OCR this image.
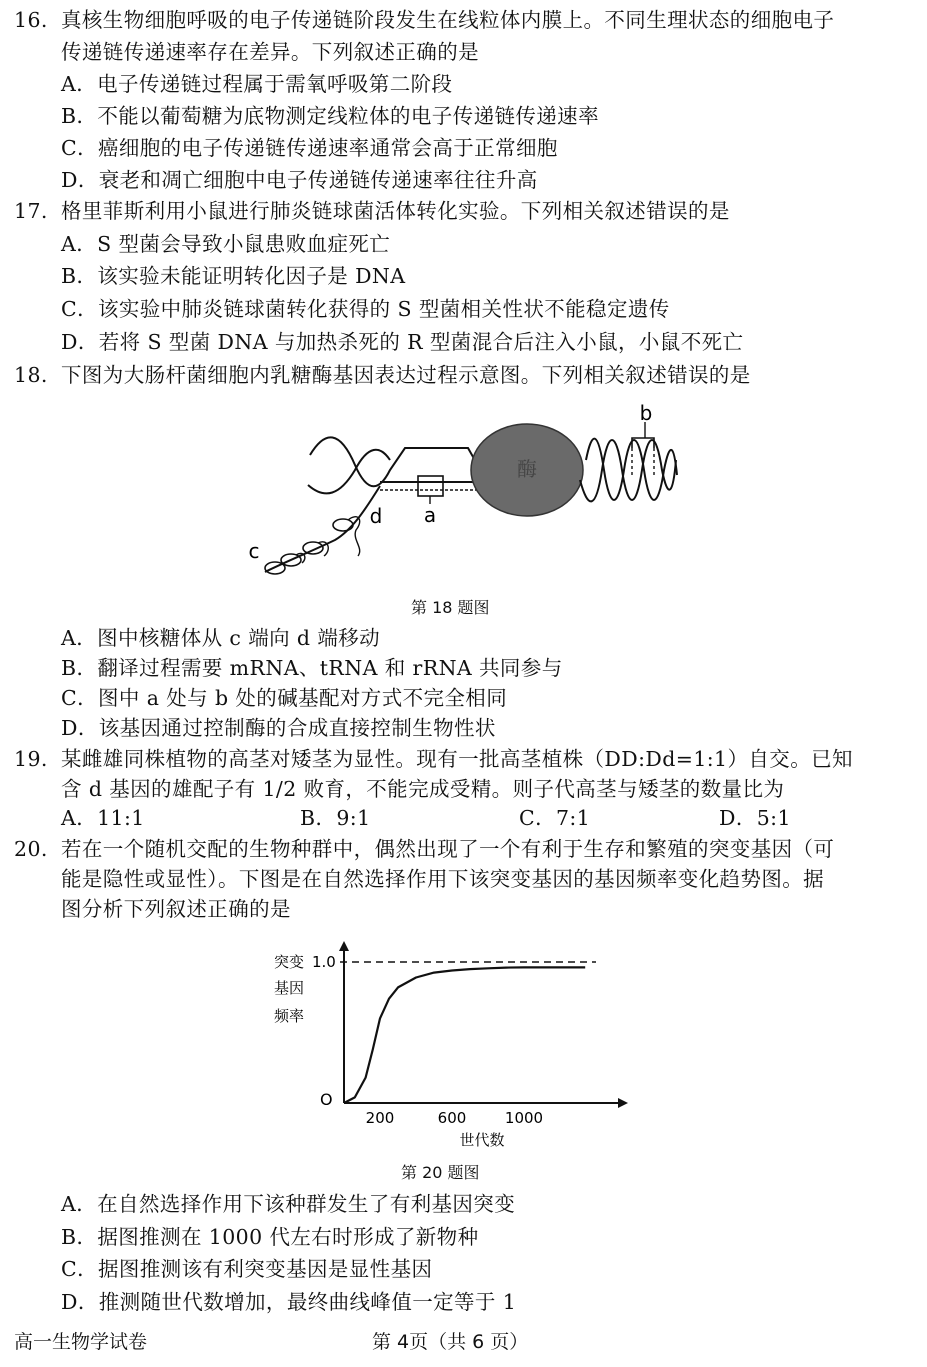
16. 真核生物细胞呼吸的电子传递链阶段发生在线粒体内膜上。不同生理状态的细胞电子
传递链传递速率存在差异。下列叙述正确的是
A．电子传递链过程属于需氧呼吸第二阶段
B．不能以葡萄糖为底物测定线粒体的电子传递链传递速率
C．癌细胞的电子传递链传递速率通常会高于正常细胞
D．衰老和凋亡细胞中电子传递链传递速率往往升高
17. 格里菲斯利用小鼠进行肺炎链球菌活体转化实验。下列相关叙述错误的是
A．S 型菌会导致小鼠患败血症死亡
B．该实验未能证明转化因子是 DNA
C．该实验中肺炎链球菌转化获得的 S 型菌相关性状不能稳定遗传
D．若将 S 型菌 DNA 与加热杀死的 R 型菌混合后注入小鼠，小鼠不死亡
18. 下图为大肠杆菌细胞内乳糖酶基因表达过程示意图。下列相关叙述错误的是
酶
b
a
d
c
第 18 题图
A．图中核糖体从 c 端向 d 端移动
B．翻译过程需要 mRNA、tRNA 和 rRNA 共同参与
C．图中 a 处与 b 处的碱基配对方式不完全相同
D．该基因通过控制酶的合成直接控制生物性状
19. 某雌雄同株植物的高茎对矮茎为显性。现有一批高茎植株（DD:Dd=1:1）自交。已知
含 d 基因的雄配子有 1/2 败育，不能完成受精。则子代高茎与矮茎的数量比为
A．11:1	B．9:1	C．7:1	D．5:1
20. 若在一个随机交配的生物种群中，偶然出现了一个有利于生存和繁殖的突变基因（可
能是隐性或显性）。下图是在自然选择作用下该突变基因的基因频率变化趋势图。据
图分析下列叙述正确的是
突变
基因
频率
1.0
O
200	600	1000
世代数
第 20 题图
A．在自然选择作用下该种群发生了有利基因突变
B．据图推测在 1000 代左右时形成了新物种
C．据图推测该有利突变基因是显性基因
D．推测随世代数增加，最终曲线峰值一定等于 1
高一生物学试卷	第 4页（共 6 页）
